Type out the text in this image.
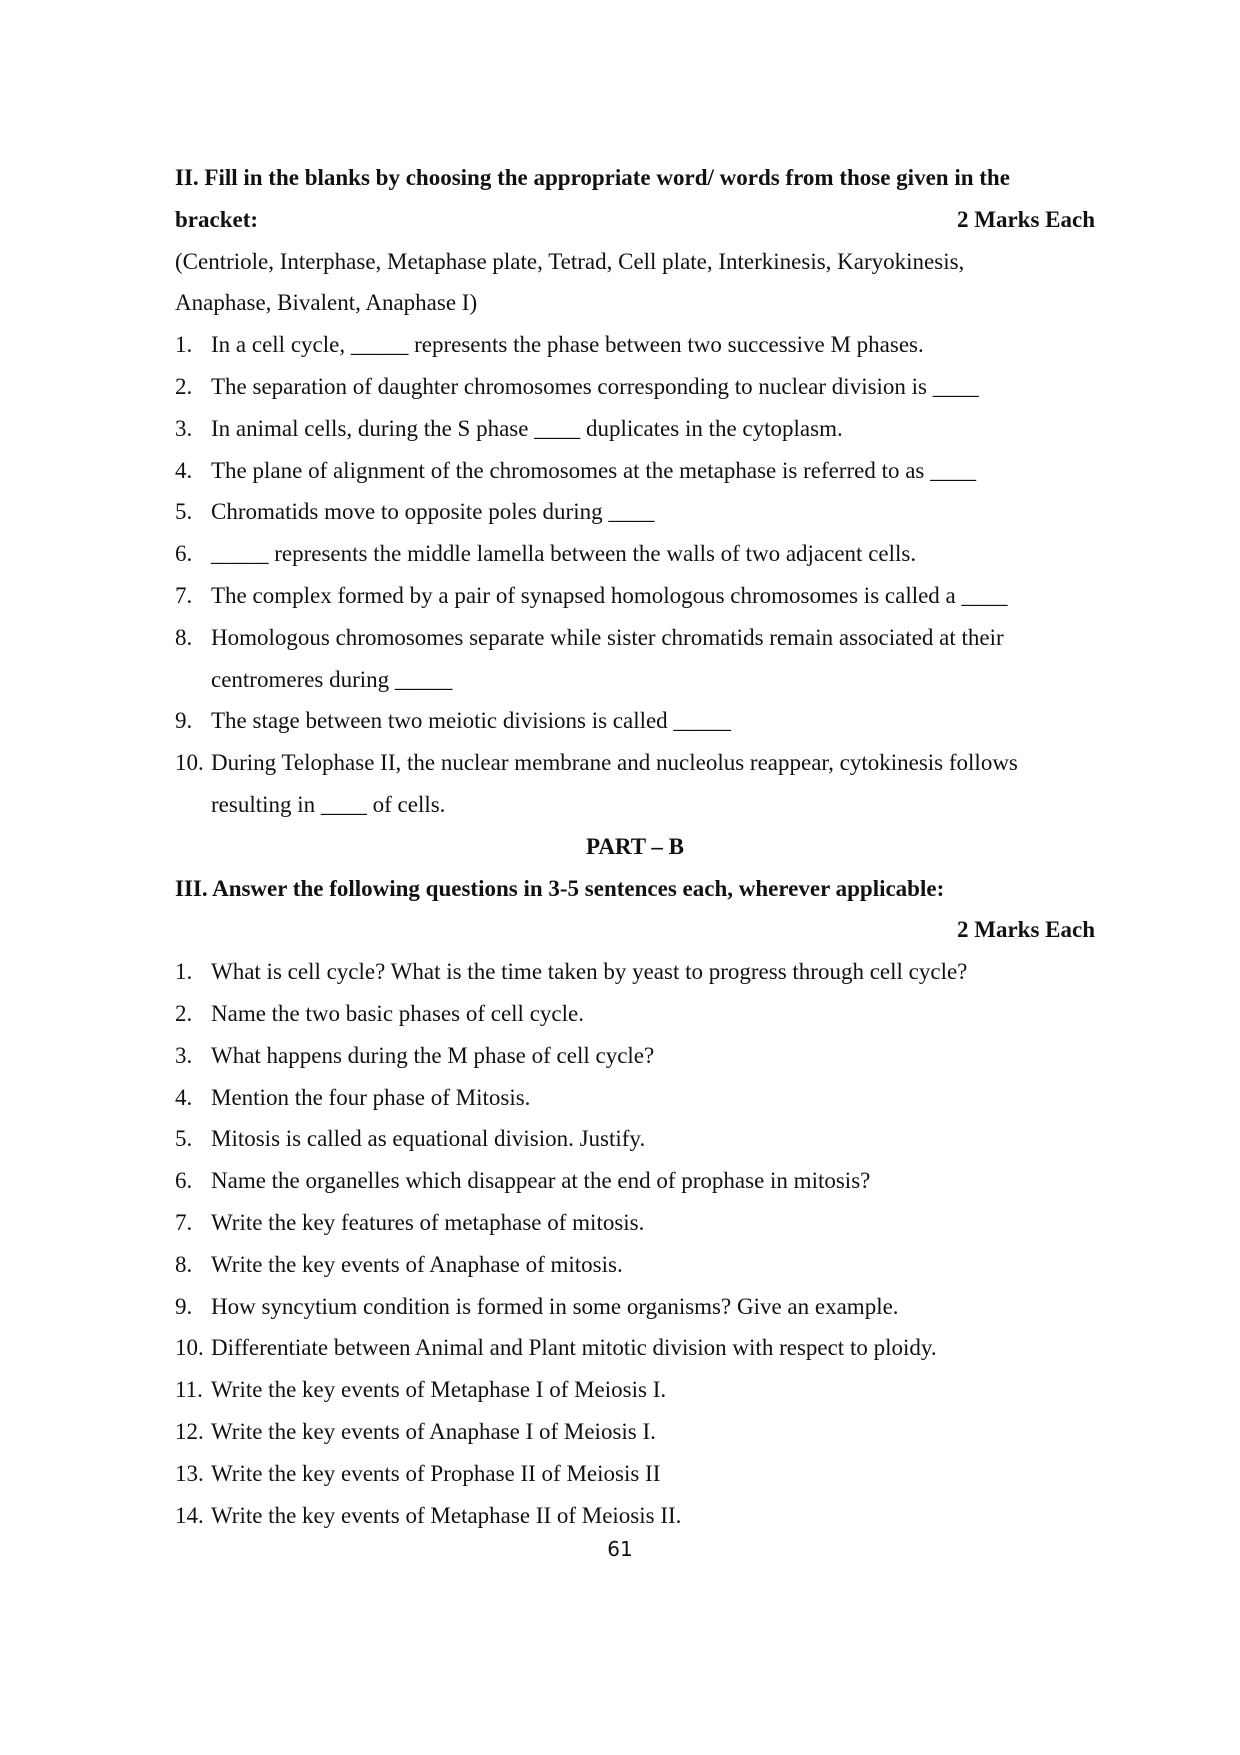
II. Fill in the blanks by choosing the appropriate word/ words from those given in the
bracket:	2 Marks Each
(Centriole, Interphase, Metaphase plate, Tetrad, Cell plate, Interkinesis, Karyokinesis,
Anaphase, Bivalent, Anaphase I)
1. In a cell cycle, _____ represents the phase between two successive M phases.
2. The separation of daughter chromosomes corresponding to nuclear division is ____
3. In animal cells, during the S phase ____ duplicates in the cytoplasm.
4. The plane of alignment of the chromosomes at the metaphase is referred to as ____
5. Chromatids move to opposite poles during ____
6. _____ represents the middle lamella between the walls of two adjacent cells.
7. The complex formed by a pair of synapsed homologous chromosomes is called a ____
8. Homologous chromosomes separate while sister chromatids remain associated at their
centromeres during _____
9. The stage between two meiotic divisions is called _____
10. During Telophase II, the nuclear membrane and nucleolus reappear, cytokinesis follows
resulting in ____ of cells.
PART – B
III. Answer the following questions in 3-5 sentences each, wherever applicable:
2 Marks Each
1. What is cell cycle? What is the time taken by yeast to progress through cell cycle?
2. Name the two basic phases of cell cycle.
3. What happens during the M phase of cell cycle?
4. Mention the four phase of Mitosis.
5. Mitosis is called as equational division. Justify.
6. Name the organelles which disappear at the end of prophase in mitosis?
7. Write the key features of metaphase of mitosis.
8. Write the key events of Anaphase of mitosis.
9. How syncytium condition is formed in some organisms? Give an example.
10. Differentiate between Animal and Plant mitotic division with respect to ploidy.
11. Write the key events of Metaphase I of Meiosis I.
12. Write the key events of Anaphase I of Meiosis I.
13. Write the key events of Prophase II of Meiosis II
14. Write the key events of Metaphase II of Meiosis II.
61
